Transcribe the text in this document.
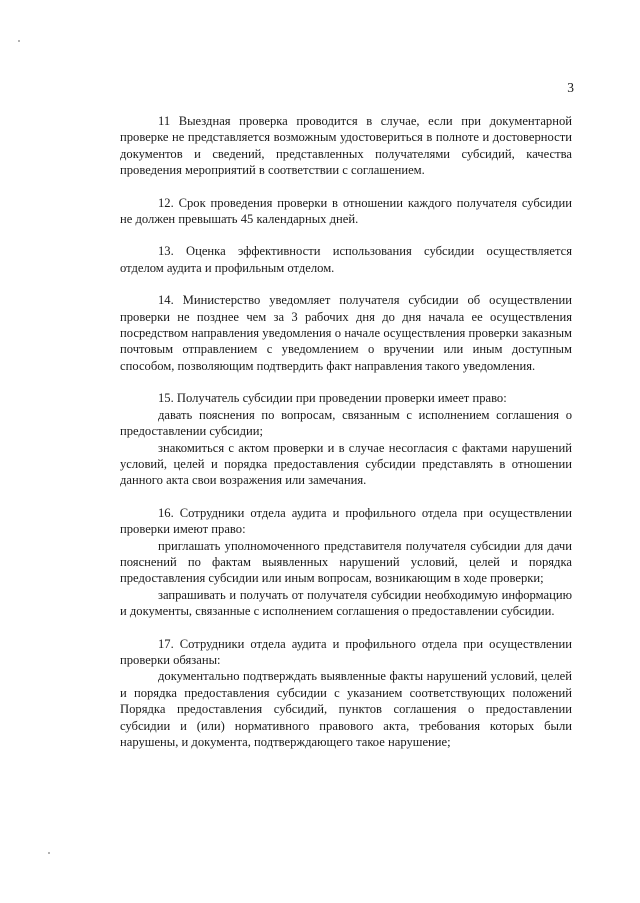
3

11 Выездная проверка проводится в случае, если при документарной проверке не представляется возможным удостовериться в полноте и достоверности документов и сведений, представленных получателями субсидий, качества проведения мероприятий в соответствии с соглашением.

12. Срок проведения проверки в отношении каждого получателя субсидии не должен превышать 45 календарных дней.

13. Оценка эффективности использования субсидии осуществляется отделом аудита и профильным отделом.

14. Министерство уведомляет получателя субсидии об осуществлении проверки не позднее чем за 3 рабочих дня до дня начала ее осуществления посредством направления уведомления о начале осуществления проверки заказным почтовым отправлением с уведомлением о вручении или иным доступным способом, позволяющим подтвердить факт направления такого уведомления.

15. Получатель субсидии при проведении проверки имеет право:

давать пояснения по вопросам, связанным с исполнением соглашения о предоставлении субсидии;

знакомиться с актом проверки и в случае несогласия с фактами нарушений условий, целей и порядка предоставления субсидии представлять в отношении данного акта свои возражения или замечания.

16. Сотрудники отдела аудита и профильного отдела при осуществлении проверки имеют право:

приглашать уполномоченного представителя получателя субсидии для дачи пояснений по фактам выявленных нарушений условий, целей и порядка предоставления субсидии или иным вопросам, возникающим в ходе проверки;

запрашивать и получать от получателя субсидии необходимую информацию и документы, связанные с исполнением соглашения о предоставлении субсидии.

17. Сотрудники отдела аудита и профильного отдела при осуществлении проверки обязаны:

документально подтверждать выявленные факты нарушений условий, целей и порядка предоставления субсидии с указанием соответствующих положений Порядка предоставления субсидий, пунктов соглашения о предоставлении субсидии и (или) нормативного правового акта, требования которых были нарушены, и документа, подтверждающего такое нарушение;
